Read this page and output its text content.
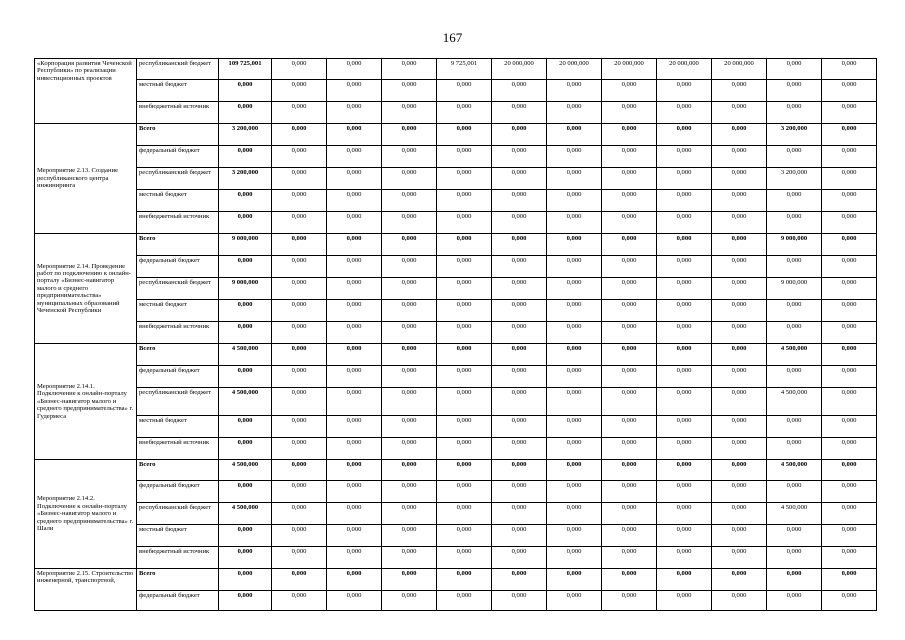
167
«Корпорация развития Чеченской Республики» по реализации инвестиционных проектов	республиканский бюджет	109 725,001	0,000	0,000	0,000	9 725,001	20 000,000	20 000,000	20 000,000	20 000,000	20 000,000	0,000	0,000
	местный бюджет	0,000	0,000	0,000	0,000	0,000	0,000	0,000	0,000	0,000	0,000	0,000	0,000
	внебюджетный источник	0,000	0,000	0,000	0,000	0,000	0,000	0,000	0,000	0,000	0,000	0,000	0,000
Мероприятие 2.13. Создание республиканского центра инжиниринга	Всего	3 200,000	0,000	0,000	0,000	0,000	0,000	0,000	0,000	0,000	0,000	3 200,000	0,000
	федеральный бюджет	0,000	0,000	0,000	0,000	0,000	0,000	0,000	0,000	0,000	0,000	0,000	0,000
	республиканский бюджет	3 200,000	0,000	0,000	0,000	0,000	0,000	0,000	0,000	0,000	0,000	3 200,000	0,000
	местный бюджет	0,000	0,000	0,000	0,000	0,000	0,000	0,000	0,000	0,000	0,000	0,000	0,000
	внебюджетный источник	0,000	0,000	0,000	0,000	0,000	0,000	0,000	0,000	0,000	0,000	0,000	0,000
Мероприятие 2.14. Проведение работ по подключению к онлайн-порталу «Бизнес-навигатор малого и среднего предпринимательства» муниципальных образований Чеченской Республики	Всего	9 000,000	0,000	0,000	0,000	0,000	0,000	0,000	0,000	0,000	0,000	9 000,000	0,000
	федеральный бюджет	0,000	0,000	0,000	0,000	0,000	0,000	0,000	0,000	0,000	0,000	0,000	0,000
	республиканский бюджет	9 000,000	0,000	0,000	0,000	0,000	0,000	0,000	0,000	0,000	0,000	9 000,000	0,000
	местный бюджет	0,000	0,000	0,000	0,000	0,000	0,000	0,000	0,000	0,000	0,000	0,000	0,000
	внебюджетный источник	0,000	0,000	0,000	0,000	0,000	0,000	0,000	0,000	0,000	0,000	0,000	0,000
Мероприятие 2.14.1. Подключение к онлайн-порталу «Бизнес-навигатор малого и среднего предпринимательства» г. Гудермеса	Всего	4 500,000	0,000	0,000	0,000	0,000	0,000	0,000	0,000	0,000	0,000	4 500,000	0,000
	федеральный бюджет	0,000	0,000	0,000	0,000	0,000	0,000	0,000	0,000	0,000	0,000	0,000	0,000
	республиканский бюджет	4 500,000	0,000	0,000	0,000	0,000	0,000	0,000	0,000	0,000	0,000	4 500,000	0,000
	местный бюджет	0,000	0,000	0,000	0,000	0,000	0,000	0,000	0,000	0,000	0,000	0,000	0,000
	внебюджетный источник	0,000	0,000	0,000	0,000	0,000	0,000	0,000	0,000	0,000	0,000	0,000	0,000
Мероприятие 2.14.2. Подключение к онлайн-порталу «Бизнес-навигатор малого и среднего предпринимательства» г. Шали	Всего	4 500,000	0,000	0,000	0,000	0,000	0,000	0,000	0,000	0,000	0,000	4 500,000	0,000
	федеральный бюджет	0,000	0,000	0,000	0,000	0,000	0,000	0,000	0,000	0,000	0,000	0,000	0,000
	республиканский бюджет	4 500,000	0,000	0,000	0,000	0,000	0,000	0,000	0,000	0,000	0,000	4 500,000	0,000
	местный бюджет	0,000	0,000	0,000	0,000	0,000	0,000	0,000	0,000	0,000	0,000	0,000	0,000
	внебюджетный источник	0,000	0,000	0,000	0,000	0,000	0,000	0,000	0,000	0,000	0,000	0,000	0,000
Мероприятие 2.15. Строительство инженерной, транспортной,	Всего	0,000	0,000	0,000	0,000	0,000	0,000	0,000	0,000	0,000	0,000	0,000	0,000
	федеральный бюджет	0,000	0,000	0,000	0,000	0,000	0,000	0,000	0,000	0,000	0,000	0,000	0,000
